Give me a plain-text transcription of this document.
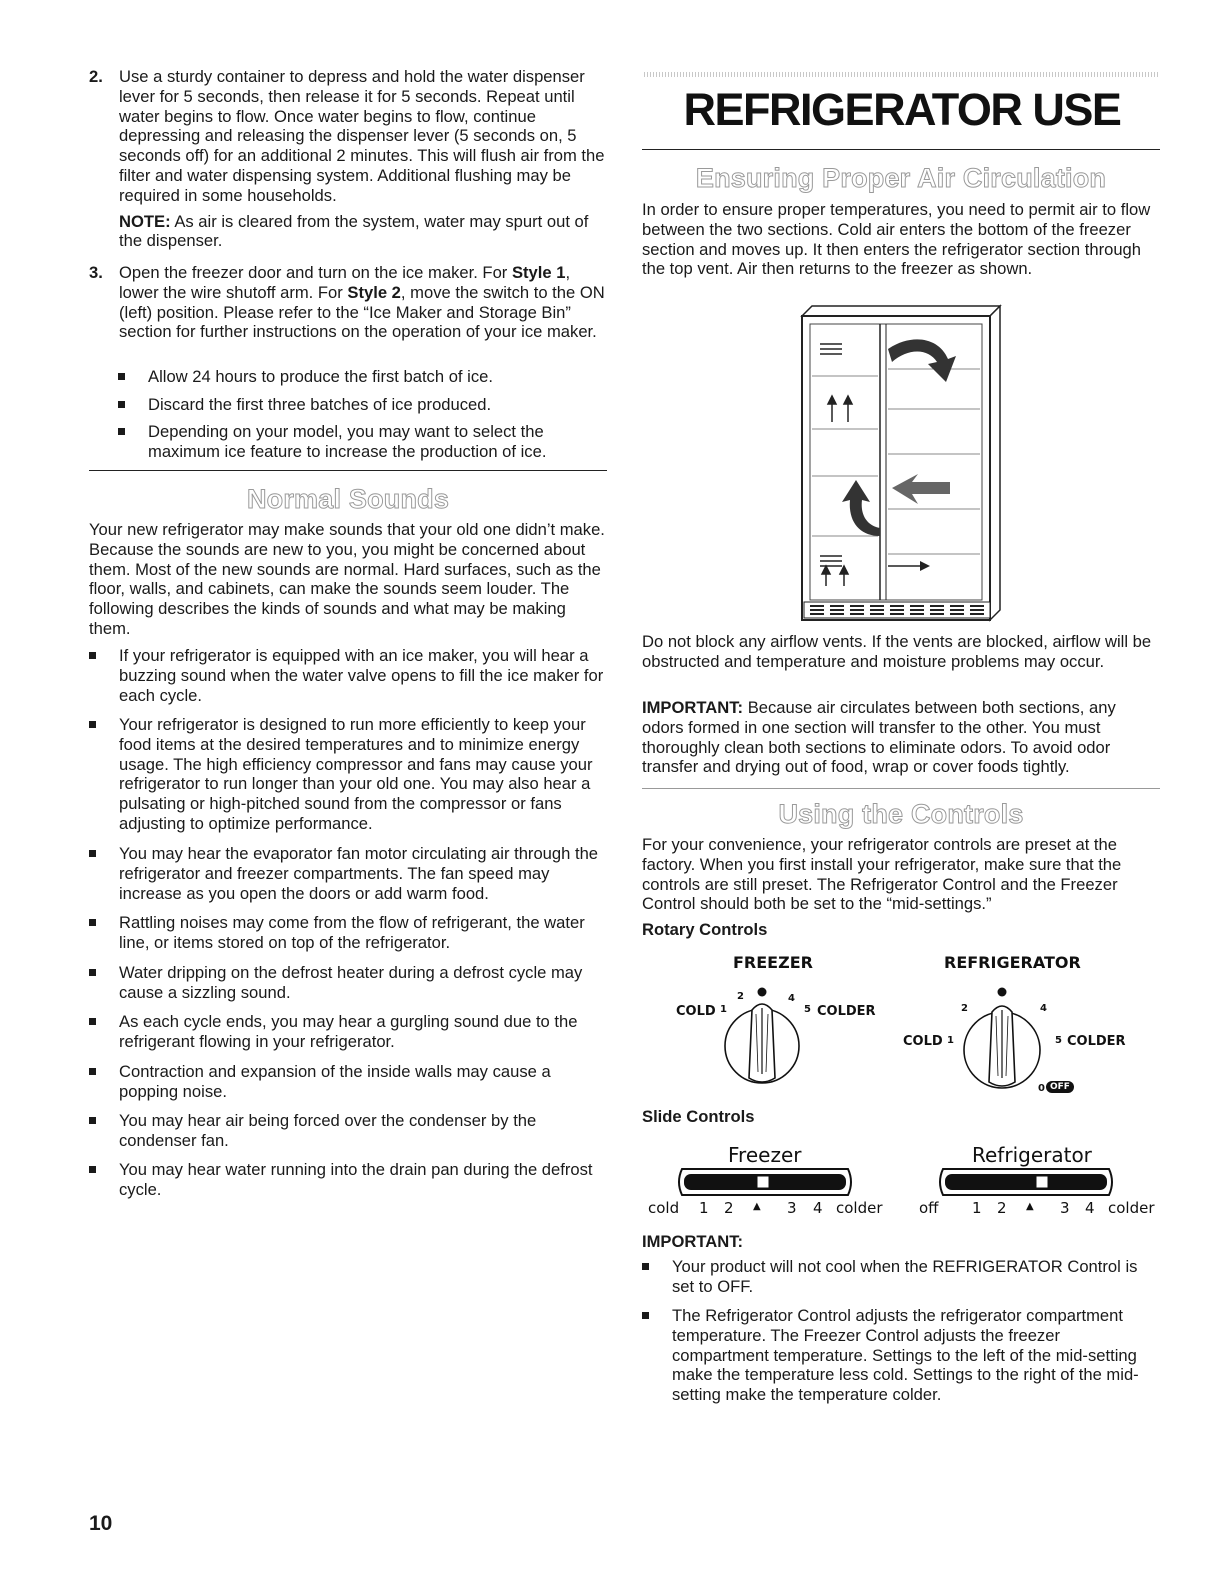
2. Use a sturdy container to depress and hold the water dispenser lever for 5 seconds, then release it for 5 seconds. Repeat until water begins to flow. Once water begins to flow, continue depressing and releasing the dispenser lever (5 seconds on, 5 seconds off) for an additional 2 minutes. This will flush air from the filter and water dispensing system. Additional flushing may be required in some households.

NOTE: As air is cleared from the system, water may spurt out of the dispenser.

3. Open the freezer door and turn on the ice maker. For Style 1, lower the wire shutoff arm. For Style 2, move the switch to the ON (left) position. Please refer to the “Ice Maker and Storage Bin” section for further instructions on the operation of your ice maker.

Allow 24 hours to produce the first batch of ice.
Discard the first three batches of ice produced.
Depending on your model, you may want to select the maximum ice feature to increase the production of ice.
Normal Sounds

Your new refrigerator may make sounds that your old one didn’t make. Because the sounds are new to you, you might be concerned about them. Most of the new sounds are normal. Hard surfaces, such as the floor, walls, and cabinets, can make the sounds seem louder. The following describes the kinds of sounds and what may be making them.

If your refrigerator is equipped with an ice maker, you will hear a buzzing sound when the water valve opens to fill the ice maker for each cycle.
Your refrigerator is designed to run more efficiently to keep your food items at the desired temperatures and to minimize energy usage. The high efficiency compressor and fans may cause your refrigerator to run longer than your old one. You may also hear a pulsating or high-pitched sound from the compressor or fans adjusting to optimize performance.
You may hear the evaporator fan motor circulating air through the refrigerator and freezer compartments. The fan speed may increase as you open the doors or add warm food.
Rattling noises may come from the flow of refrigerant, the water line, or items stored on top of the refrigerator.
Water dripping on the defrost heater during a defrost cycle may cause a sizzling sound.
As each cycle ends, you may hear a gurgling sound due to the refrigerant flowing in your refrigerator.
Contraction and expansion of the inside walls may cause a popping noise.
You may hear air being forced over the condenser by the condenser fan.
You may hear water running into the drain pan during the defrost cycle.
10
REFRIGERATOR USE
Ensuring Proper Air Circulation

In order to ensure proper temperatures, you need to permit air to flow between the two sections. Cold air enters the bottom of the freezer section and moves up. It then enters the refrigerator section through the top vent. Air then returns to the freezer as shown.

Do not block any airflow vents. If the vents are blocked, airflow will be obstructed and temperature and moisture problems may occur.

IMPORTANT: Because air circulates between both sections, any odors formed in one section will transfer to the other. You must thoroughly clean both sections to eliminate odors. To avoid odor transfer and drying out of food, wrap or cover foods tightly.

Using the Controls

For your convenience, your refrigerator controls are preset at the factory. When you first install your refrigerator, make sure that the controls are still preset. The Refrigerator Control and the Freezer Control should both be set to the “mid-settings.”

Rotary Controls
FREEZER
COLD 1
2	4
5 COLDER
REFRIGERATOR
2	4
COLD 1	5 COLDER
0 OFF
Slide Controls
Freezer
cold 1 2 ▲ 3 4 colder
Refrigerator
off 1 2 ▲ 3 4 colder
IMPORTANT:
Your product will not cool when the REFRIGERATOR Control is set to OFF.
The Refrigerator Control adjusts the refrigerator compartment temperature. The Freezer Control adjusts the freezer compartment temperature. Settings to the left of the mid-setting make the temperature less cold. Settings to the right of the mid-setting make the temperature colder.
